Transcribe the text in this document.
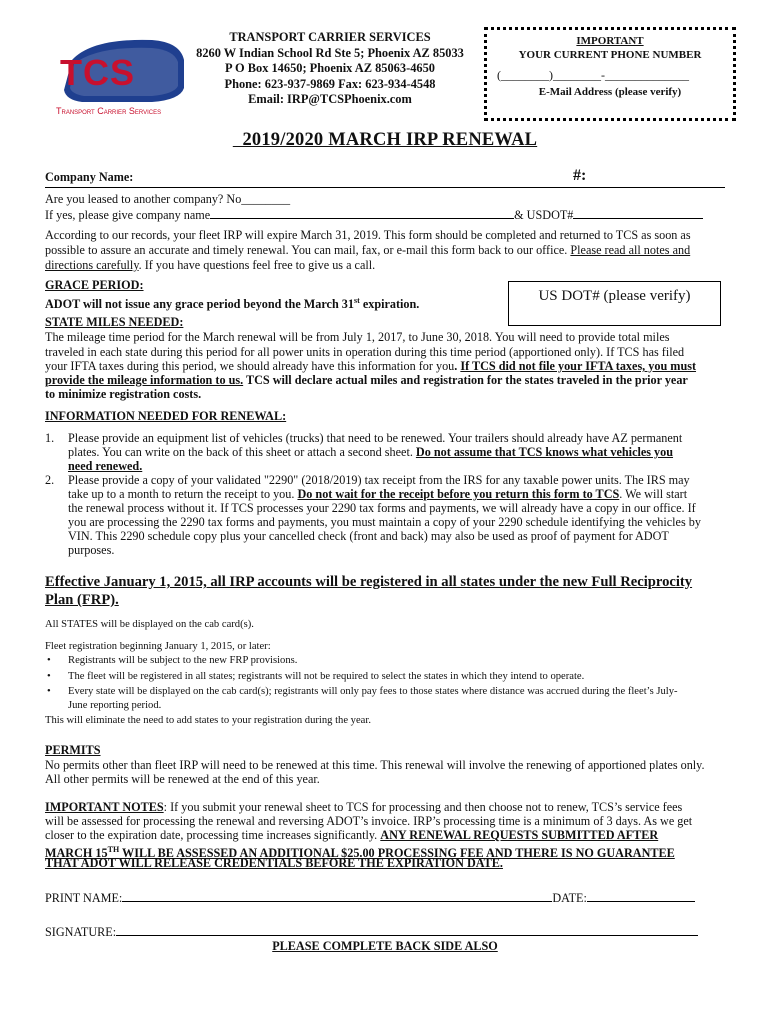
TCS
Transport Carrier Services
TRANSPORT CARRIER SERVICES
8260 W Indian School Rd Ste 5; Phoenix AZ 85033
P O Box 14650; Phoenix AZ 85063-4650
Phone: 623-937-9869 Fax: 623-934-4548
Email: IRP@TCSPhoenix.com
IMPORTANT
YOUR CURRENT PHONE NUMBER
(________)________-______________
E-Mail Address (please verify)
2019/2020 MARCH IRP RENEWAL
Company Name:	#:
Are you leased to another company? No________
If yes, please give company name	& USDOT#
According to our records, your fleet IRP will expire March 31, 2019. This form should be completed and returned to TCS as soon as
possible to assure an accurate and timely renewal. You can mail, fax, or e-mail this form back to our office. Please read all notes and
directions carefully. If you have questions feel free to give us a call.
GRACE PERIOD:
ADOT will not issue any grace period beyond the March 31st expiration.
US DOT# (please verify)
STATE MILES NEEDED:
The mileage time period for the March renewal will be from July 1, 2017, to June 30, 2018. You will need to provide total miles
traveled in each state during this period for all power units in operation during this time period (apportioned only). If TCS has filed
your IFTA taxes during this period, we should already have this information for you. If TCS did not file your IFTA taxes, you must
provide the mileage information to us. TCS will declare actual miles and registration for the states traveled in the prior year
to minimize registration costs.
INFORMATION NEEDED FOR RENEWAL:
1. Please provide an equipment list of vehicles (trucks) that need to be renewed. Your trailers should already have AZ permanent
plates. You can write on the back of this sheet or attach a second sheet. Do not assume that TCS knows what vehicles you
need renewed.
2. Please provide a copy of your validated "2290" (2018/2019) tax receipt from the IRS for any taxable power units. The IRS may
take up to a month to return the receipt to you. Do not wait for the receipt before you return this form to TCS. We will start
the renewal process without it. If TCS processes your 2290 tax forms and payments, we will already have a copy in our office. If
you are processing the 2290 tax forms and payments, you must maintain a copy of your 2290 schedule identifying the vehicles by
VIN. This 2290 schedule copy plus your cancelled check (front and back) may also be used as proof of payment for ADOT
purposes.
Effective January 1, 2015, all IRP accounts will be registered in all states under the new Full Reciprocity
Plan (FRP).
All STATES will be displayed on the cab card(s).
Fleet registration beginning January 1, 2015, or later:
• Registrants will be subject to the new FRP provisions.
• The fleet will be registered in all states; registrants will not be required to select the states in which they intend to operate.
• Every state will be displayed on the cab card(s); registrants will only pay fees to those states where distance was accrued during the fleet’s July-
June reporting period.
This will eliminate the need to add states to your registration during the year.
PERMITS
No permits other than fleet IRP will need to be renewed at this time. This renewal will involve the renewing of apportioned plates only.
All other permits will be renewed at the end of this year.
IMPORTANT NOTES: If you submit your renewal sheet to TCS for processing and then choose not to renew, TCS’s service fees
will be assessed for processing the renewal and reversing ADOT’s invoice. IRP’s processing time is a minimum of 3 days. As we get
closer to the expiration date, processing time increases significantly. ANY RENEWAL REQUESTS SUBMITTED AFTER
MARCH 15TH WILL BE ASSESSED AN ADDITIONAL $25.00 PROCESSING FEE AND THERE IS NO GUARANTEE
THAT ADOT WILL RELEASE CREDENTIALS BEFORE THE EXPIRATION DATE.
PRINT NAME:	DATE:
SIGNATURE:
PLEASE COMPLETE BACK SIDE ALSO
